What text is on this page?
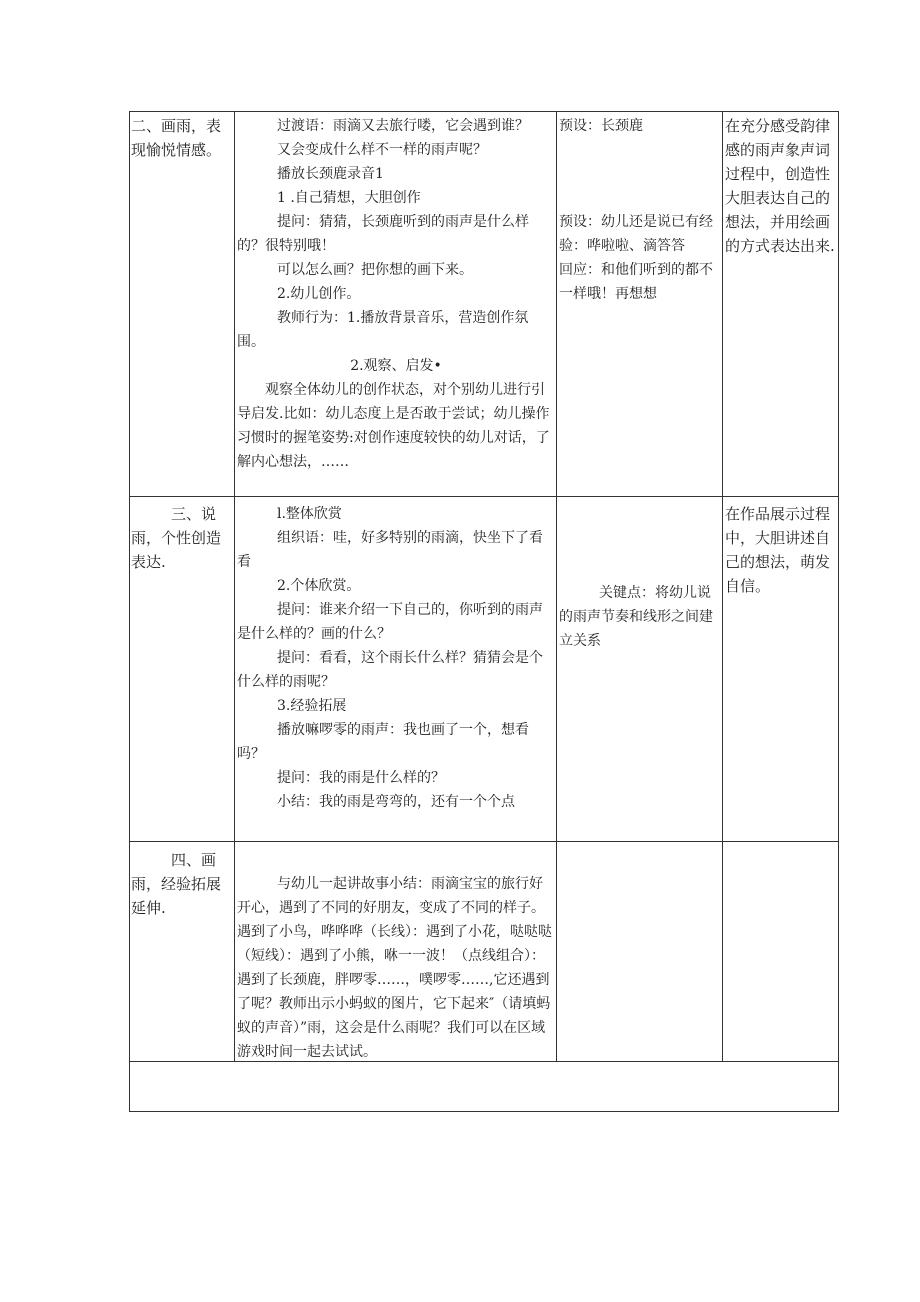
二、画雨，表现愉悦情感。

过渡语：雨滴又去旅行喽，它会遇到谁？

又会变成什么样不一样的雨声呢？

播放长颈鹿录音1

1 .自己猜想，大胆创作

提问：猜猜，长颈鹿听到的雨声是什么样的？很特别哦！

可以怎么画？把你想的画下来。

2.幼儿创作。

教师行为：1.播放背景音乐，营造创作氛围。

2.观察、启发•

观察全体幼儿的创作状态，对个别幼儿进行引导启发.比如：幼儿态度上是否敢于尝试；幼儿操作习惯时的握笔姿势:对创作速度较快的幼儿对话，了解内心想法，……

预设：长颈鹿

预设：幼儿还是说已有经验：哗啦啦、滴答答

回应：和他们听到的都不一样哦！再想想

在充分感受韵律感的雨声象声词过程中，创造性大胆表达自己的想法，并用绘画的方式表达出来.

三、说雨，个性创造表达.

l.整体欣赏

组织语：哇，好多特别的雨滴，快坐下了看看

2.个体欣赏。

提问：谁来介绍一下自己的，你听到的雨声是什么样的？画的什么？

提问：看看，这个雨长什么样？猜猜会是个什么样的雨呢？

3.经验拓展

播放嘛啰零的雨声：我也画了一个，想看吗？

提问：我的雨是什么样的？

小结：我的雨是弯弯的，还有一个个点

关键点：将幼儿说的雨声节奏和线形之间建立关系

在作品展示过程中，大胆讲述自己的想法，萌发自信。

四、画雨，经验拓展延伸.

与幼儿一起讲故事小结：雨滴宝宝的旅行好开心，遇到了不同的好朋友，变成了不同的样子。遇到了小鸟，哗哗哗（长线）：遇到了小花，哒哒哒（短线）：遇到了小熊，咻一一波！（点线组合）：遇到了长颈鹿，胖啰零……，噗啰零……,它还遇到了呢？教师出示小蚂蚁的图片，它下起来″（请填蚂蚁的声音）”雨，这会是什么雨呢？我们可以在区域游戏时间一起去试试。
